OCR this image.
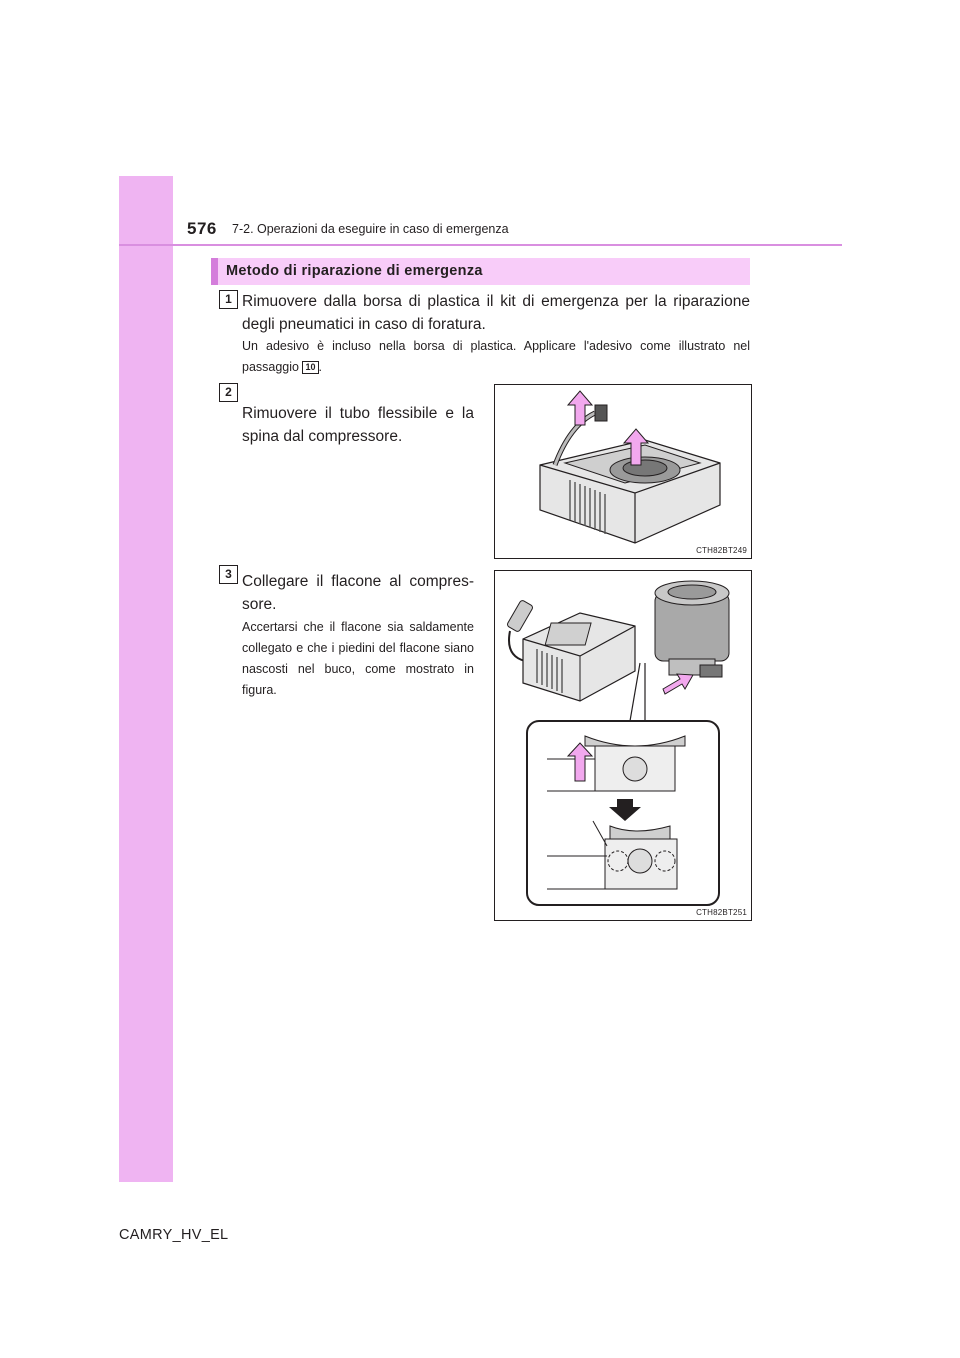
576 7-2. Operazioni da eseguire in caso di emergenza
Metodo di riparazione di emergenza
1 Rimuovere dalla borsa di plastica il kit di emergenza per la riparazione degli pneumatici in caso di foratura.
Un adesivo è incluso nella borsa di plastica. Applicare l'adesivo come illustrato nel passaggio 10 .
2
Rimuovere il tubo flessibile e la spina dal compressore.
CTH82BT249
3 Collegare il flacone al compres-
sore.
Accertarsi che il flacone sia saldamente collegato e che i piedini del flacone siano nascosti nel buco, come mostrato in figura.
CTH82BT251
CAMRY_HV_EL
